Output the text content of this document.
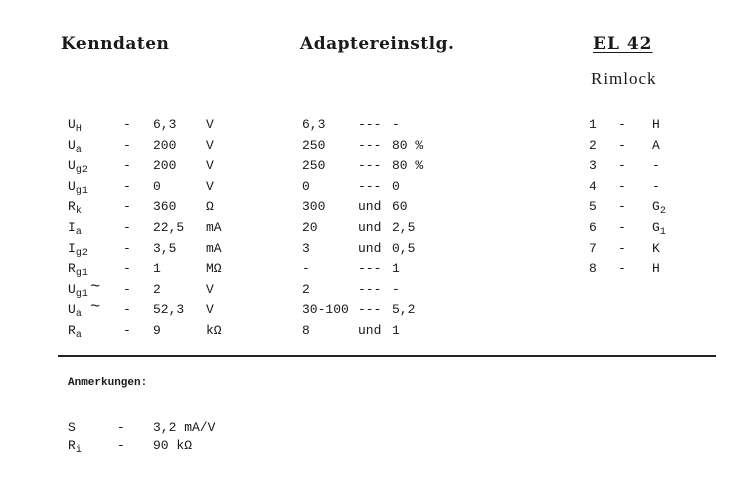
Kenndaten	Adaptereinstlg.	EL 42
Rimlock
$U_H$	- 6,3 V	6,3	--- -
$U_a$	- 200 V	250	--- 80 %
$U_{g2}$	- 200 V	250	--- 80 %
$U_{g1}$	- 0	V	0	--- 0
$R_k$	- 360 Ω	300	und 60
$I_a$	- 22,5 mA	20	und 2,5
$I_{g2}$	- 3,5 mA	3	und 0,5
$R_{g1}$	- 1	MΩ	-	--- 1
$U_{g1}$ ~ - 2	V	2	--- -
$U_a$ ~ - 52,3 V	30-100 --- 5,2
$R_a$	- 9	kΩ	8	und 1
1 - H
2 - A
3 - -
4 - -
$5 - G_2$
$6 - G_1$
7 - K
8 - H
Anmerkungen:
S	- 3,2 mA/V
$R_i$	- 90 kΩ
